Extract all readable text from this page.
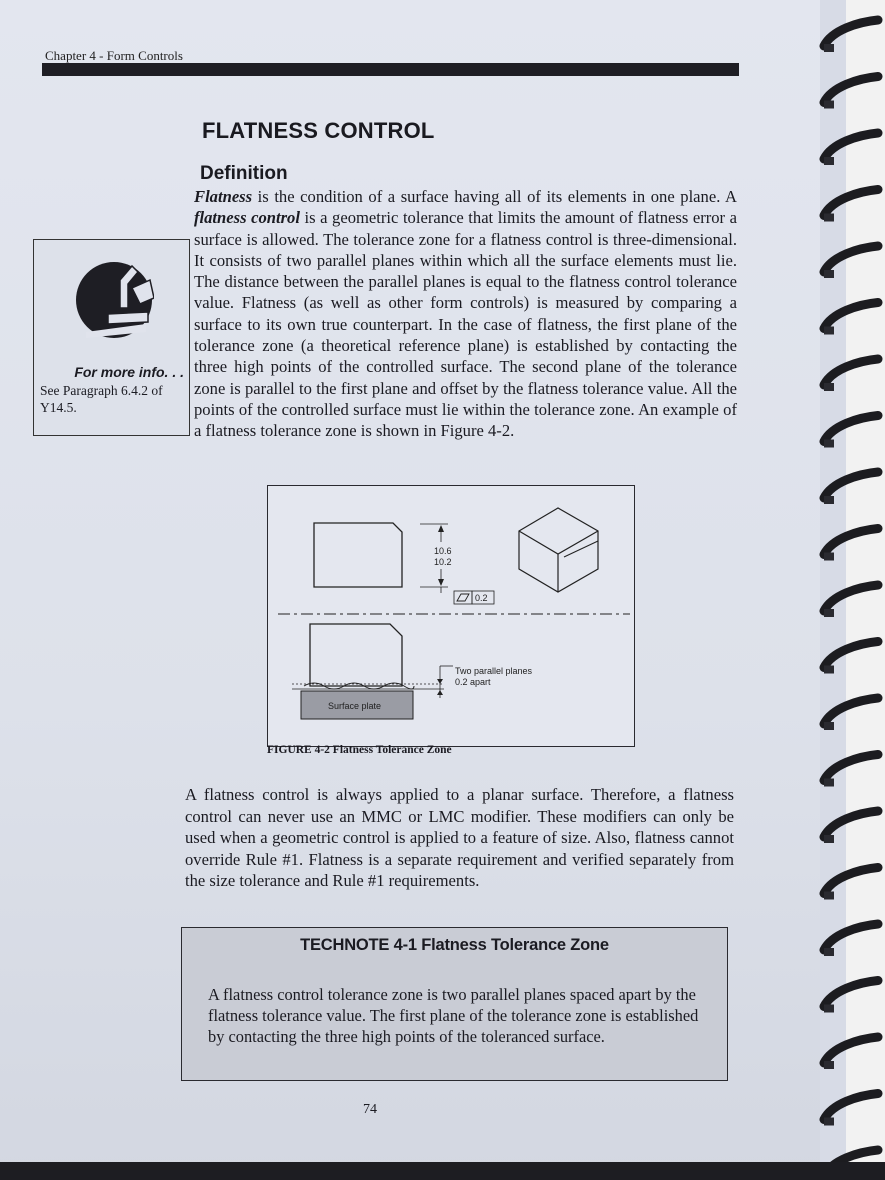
Chapter 4 - Form Controls
FLATNESS CONTROL
Definition
Flatness is the condition of a surface having all of its elements in one plane. A flatness control is a geometric tolerance that limits the amount of flatness error a surface is allowed. The tolerance zone for a flatness control is three-dimensional. It consists of two parallel planes within which all the surface elements must lie. The distance between the parallel planes is equal to the flatness control tolerance value. Flatness (as well as other form controls) is measured by comparing a surface to its own true counterpart. In the case of flatness, the first plane of the tolerance zone (a theoretical reference plane) is established by contacting the three high points of the controlled surface. The second plane of the tolerance zone is parallel to the first plane and offset by the flatness tolerance value. All the points of the controlled surface must lie within the tolerance zone. An example of a flatness tolerance zone is shown in Figure 4-2.
For more info. . .
See Paragraph 6.4.2 of Y14.5.
10.6
10.2
0.2
Surface plate
Two parallel planes
0.2 apart
FIGURE 4-2 Flatness Tolerance Zone
A flatness control is always applied to a planar surface. Therefore, a flatness control can never use an MMC or LMC modifier. These modifiers can only be used when a geometric control is applied to a feature of size. Also, flatness cannot override Rule #1. Flatness is a separate requirement and verified separately from the size tolerance and Rule #1 requirements.
TECHNOTE 4-1 Flatness Tolerance Zone
A flatness control tolerance zone is two parallel planes spaced apart by the flatness tolerance value. The first plane of the tolerance zone is established by contacting the three high points of the toleranced surface.
74
